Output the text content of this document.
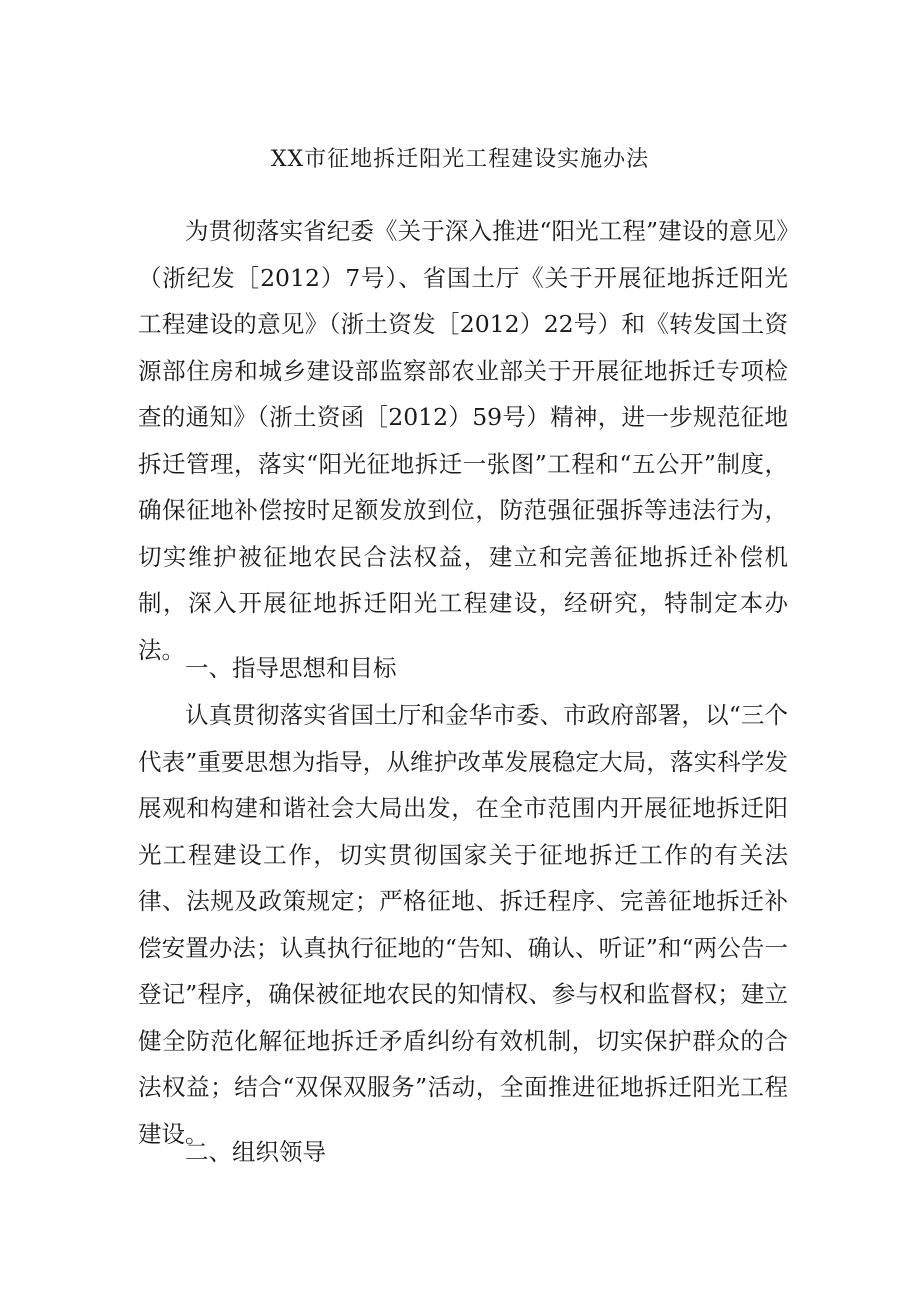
XX市征地拆迁阳光工程建设实施办法

为贯彻落实省纪委《关于深入推进“阳光工程”建设的意见》（浙纪发［2012）7号）、省国土厅《关于开展征地拆迁阳光工程建设的意见》（浙土资发［2012）22号）和《转发国土资源部住房和城乡建设部监察部农业部关于开展征地拆迁专项检查的通知》（浙土资函［2012）59号）精神，进一步规范征地拆迁管理，落实“阳光征地拆迁一张图”工程和“五公开”制度，确保征地补偿按时足额发放到位，防范强征强拆等违法行为，切实维护被征地农民合法权益，建立和完善征地拆迁补偿机制，深入开展征地拆迁阳光工程建设，经研究，特制定本办法。

一、指导思想和目标

认真贯彻落实省国土厅和金华市委、市政府部署，以“三个代表”重要思想为指导，从维护改革发展稳定大局，落实科学发展观和构建和谐社会大局出发，在全市范围内开展征地拆迁阳光工程建设工作，切实贯彻国家关于征地拆迁工作的有关法律、法规及政策规定；严格征地、拆迁程序、完善征地拆迁补偿安置办法；认真执行征地的“告知、确认、听证”和“两公告一登记”程序，确保被征地农民的知情权、参与权和监督权；建立健全防范化解征地拆迁矛盾纠纷有效机制，切实保护群众的合法权益；结合“双保双服务”活动，全面推进征地拆迁阳光工程建设。

二、组织领导
